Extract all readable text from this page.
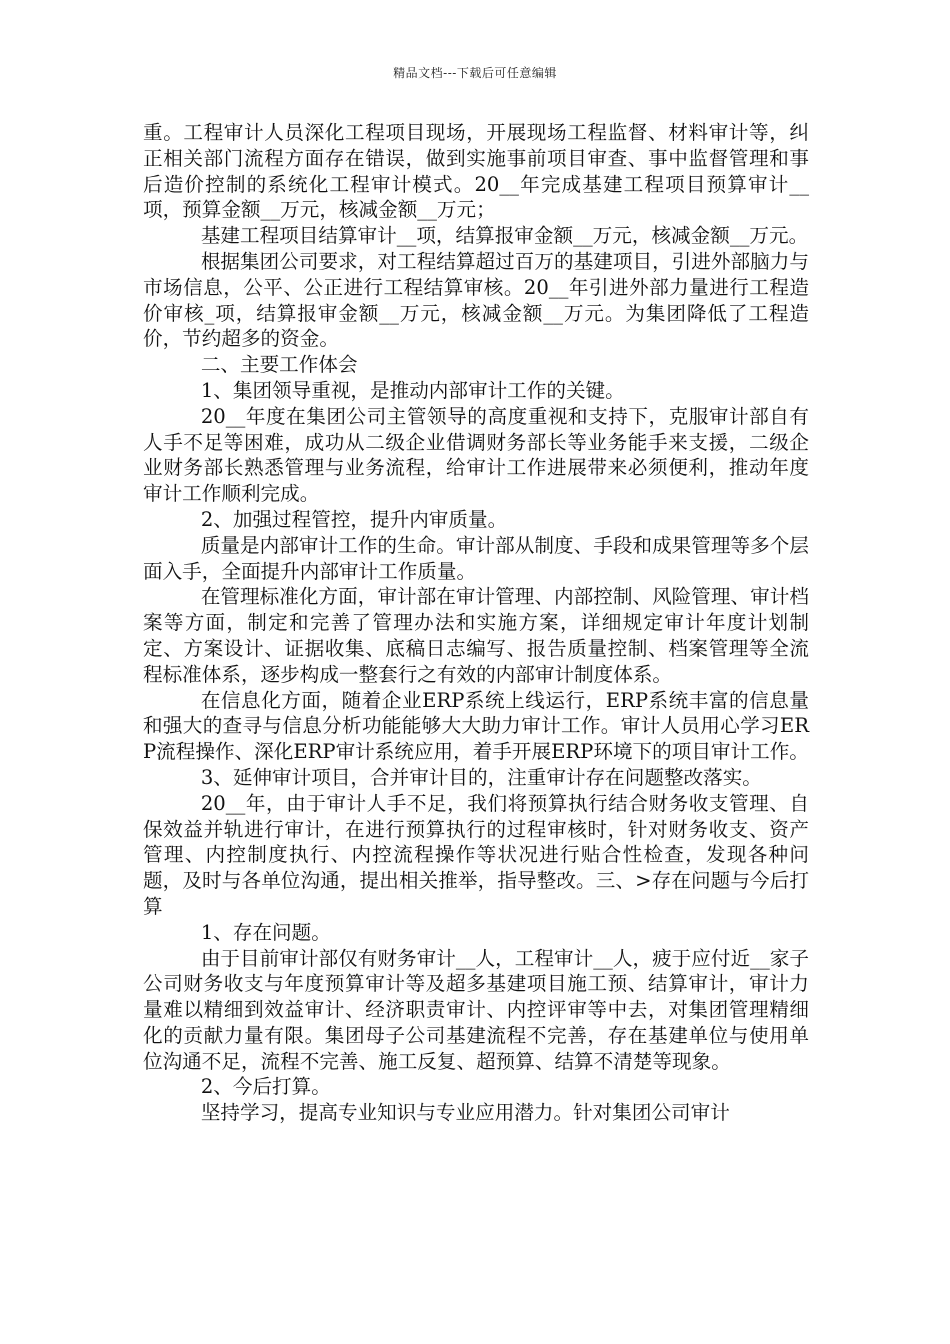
精品文档---下载后可任意编辑

重。工程审计人员深化工程项目现场，开展现场工程监督、材料审计等，纠正相关部门流程方面存在错误，做到实施事前项目审查、事中监督管理和事后造价控制的系统化工程审计模式。20__年完成基建工程项目预算审计__项，预算金额__万元，核减金额__万元；

基建工程项目结算审计__项，结算报审金额__万元，核减金额__万元。

根据集团公司要求，对工程结算超过百万的基建项目，引进外部脑力与市场信息，公平、公正进行工程结算审核。20__年引进外部力量进行工程造价审核_项，结算报审金额__万元，核减金额__万元。为集团降低了工程造价，节约超多的资金。

二、主要工作体会

1、集团领导重视，是推动内部审计工作的关键。

20__年度在集团公司主管领导的高度重视和支持下，克服审计部自有人手不足等困难，成功从二级企业借调财务部长等业务能手来支援，二级企业财务部长熟悉管理与业务流程，给审计工作进展带来必须便利，推动年度审计工作顺利完成。

2、加强过程管控，提升内审质量。

质量是内部审计工作的生命。审计部从制度、手段和成果管理等多个层面入手，全面提升内部审计工作质量。

在管理标准化方面，审计部在审计管理、内部控制、风险管理、审计档案等方面，制定和完善了管理办法和实施方案，详细规定审计年度计划制定、方案设计、证据收集、底稿日志编写、报告质量控制、档案管理等全流程标准体系，逐步构成一整套行之有效的内部审计制度体系。

在信息化方面，随着企业ERP系统上线运行，ERP系统丰富的信息量和强大的查寻与信息分析功能能够大大助力审计工作。审计人员用心学习ERP流程操作、深化ERP审计系统应用，着手开展ERP环境下的项目审计工作。

3、延伸审计项目，合并审计目的，注重审计存在问题整改落实。

20__年，由于审计人手不足，我们将预算执行结合财务收支管理、自保效益并轨进行审计，在进行预算执行的过程审核时，针对财务收支、资产管理、内控制度执行、内控流程操作等状况进行贴合性检查，发现各种问题，及时与各单位沟通，提出相关推举，指导整改。三、>存在问题与今后打算

1、存在问题。

由于目前审计部仅有财务审计__人，工程审计__人，疲于应付近__家子公司财务收支与年度预算审计等及超多基建项目施工预、结算审计，审计力量难以精细到效益审计、经济职责审计、内控评审等中去，对集团管理精细化的贡献力量有限。集团母子公司基建流程不完善，存在基建单位与使用单位沟通不足，流程不完善、施工反复、超预算、结算不清楚等现象。

2、今后打算。

坚持学习，提高专业知识与专业应用潜力。针对集团公司审计
